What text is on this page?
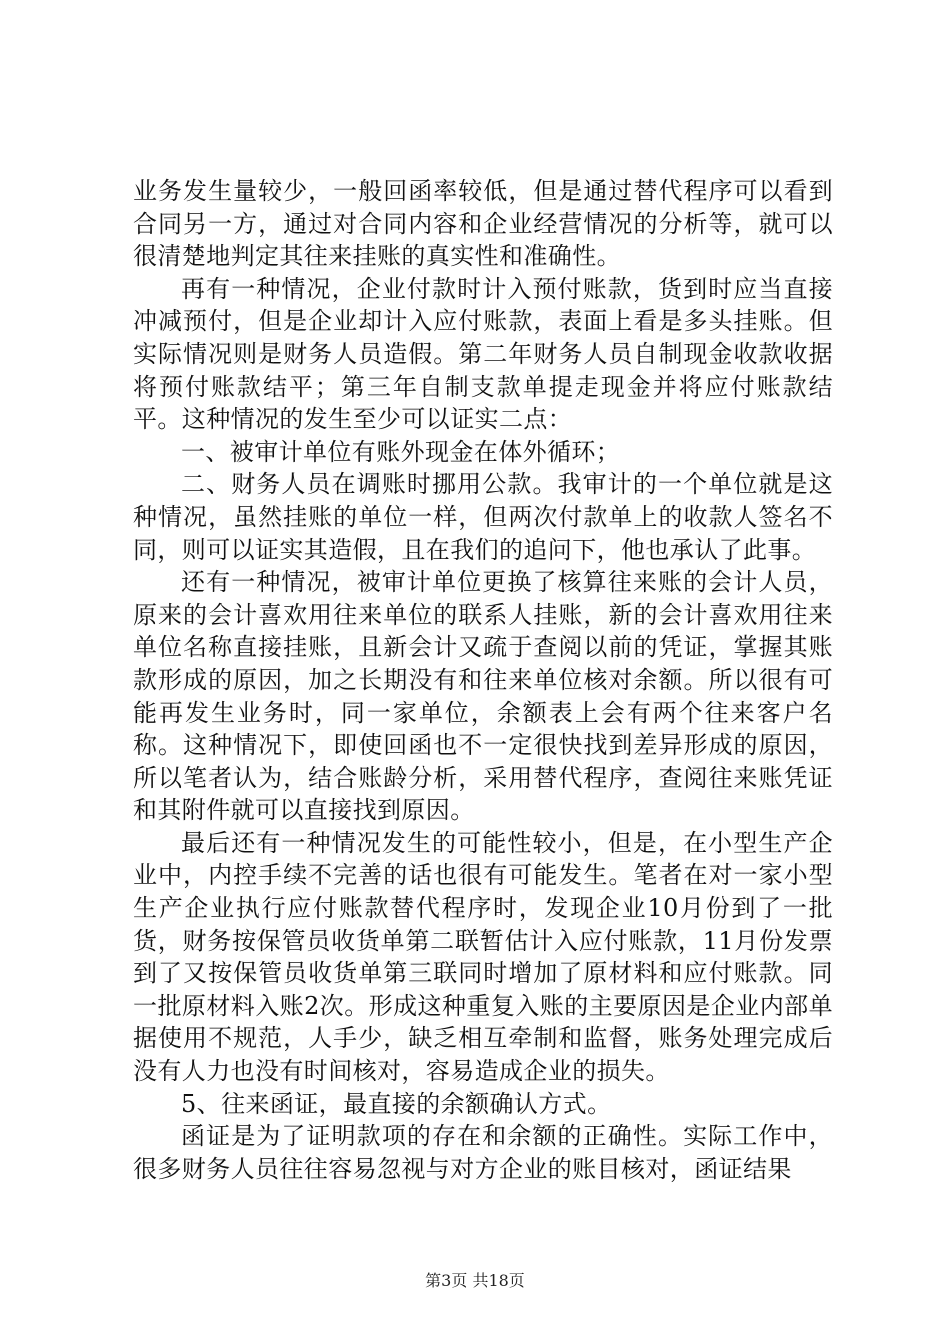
业务发生量较少，一般回函率较低，但是通过替代程序可以看到合同另一方，通过对合同内容和企业经营情况的分析等，就可以很清楚地判定其往来挂账的真实性和准确性。

再有一种情况，企业付款时计入预付账款，货到时应当直接冲减预付，但是企业却计入应付账款，表面上看是多头挂账。但实际情况则是财务人员造假。第二年财务人员自制现金收款收据将预付账款结平；第三年自制支款单提走现金并将应付账款结平。这种情况的发生至少可以证实二点：

一、被审计单位有账外现金在体外循环；

二、财务人员在调账时挪用公款。我审计的一个单位就是这种情况，虽然挂账的单位一样，但两次付款单上的收款人签名不同，则可以证实其造假，且在我们的追问下，他也承认了此事。

还有一种情况，被审计单位更换了核算往来账的会计人员，原来的会计喜欢用往来单位的联系人挂账，新的会计喜欢用往来单位名称直接挂账，且新会计又疏于查阅以前的凭证，掌握其账款形成的原因，加之长期没有和往来单位核对余额。所以很有可能再发生业务时，同一家单位，余额表上会有两个往来客户名称。这种情况下，即使回函也不一定很快找到差异形成的原因，所以笔者认为，结合账龄分析，采用替代程序，查阅往来账凭证和其附件就可以直接找到原因。

最后还有一种情况发生的可能性较小，但是，在小型生产企业中，内控手续不完善的话也很有可能发生。笔者在对一家小型生产企业执行应付账款替代程序时，发现企业10月份到了一批货，财务按保管员收货单第二联暂估计入应付账款，11月份发票到了又按保管员收货单第三联同时增加了原材料和应付账款。同一批原材料入账2次。形成这种重复入账的主要原因是企业内部单据使用不规范，人手少，缺乏相互牵制和监督，账务处理完成后没有人力也没有时间核对，容易造成企业的损失。

5、往来函证，最直接的余额确认方式。

函证是为了证明款项的存在和余额的正确性。实际工作中，很多财务人员往往容易忽视与对方企业的账目核对，函证结果

第3页 共18页
